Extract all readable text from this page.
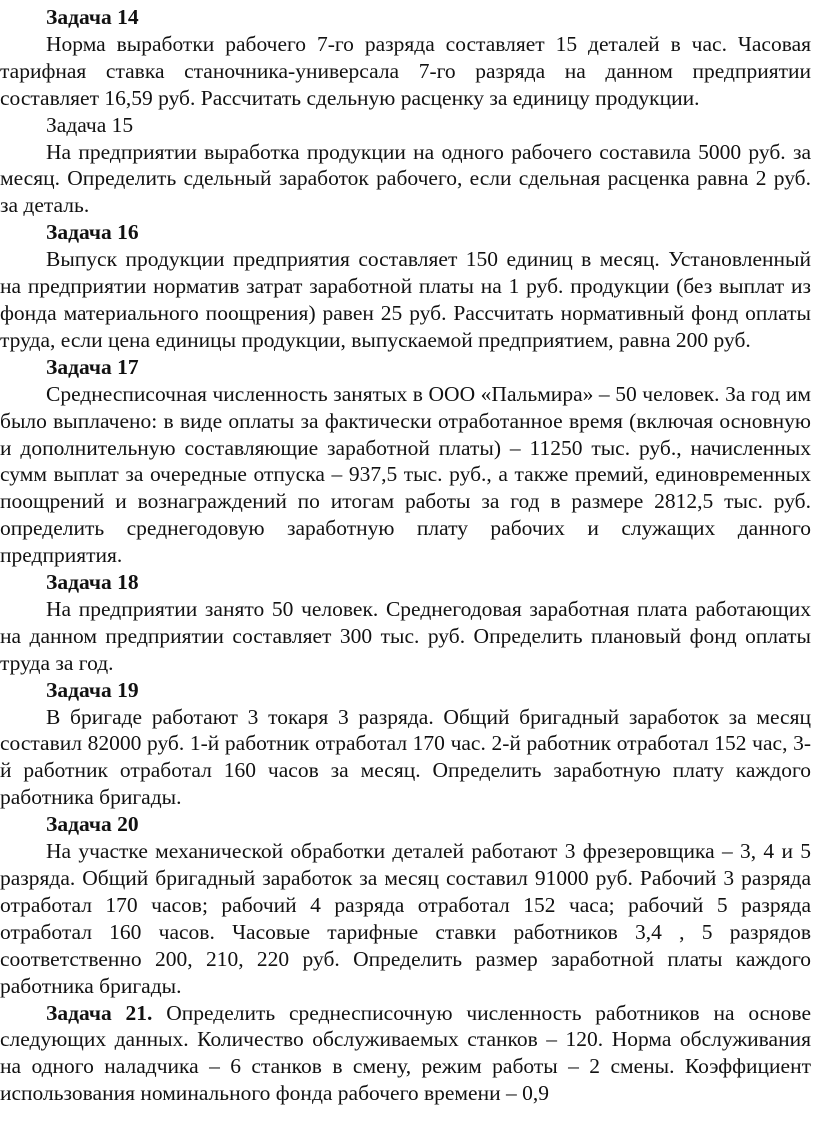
Задача 14

Норма выработки рабочего 7-го разряда составляет 15 деталей в час. Часовая тарифная ставка станочника-универсала 7-го разряда на данном предприятии составляет 16,59 руб. Рассчитать сдельную расценку за единицу продукции.

Задача 15

На предприятии выработка продукции на одного рабочего составила 5000 руб. за месяц. Определить сдельный заработок рабочего, если сдельная расценка равна 2 руб. за деталь.

Задача 16

Выпуск продукции предприятия составляет 150 единиц в месяц. Установленный на предприятии норматив затрат заработной платы на 1 руб. продукции (без выплат из фонда материального поощрения) равен 25 руб. Рассчитать нормативный фонд оплаты труда, если цена единицы продукции, выпускаемой предприятием, равна 200 руб.

Задача 17

Среднесписочная численность занятых в ООО «Пальмира» – 50 человек. За год им было выплачено: в виде оплаты за фактически отработанное время (включая основную и дополнительную составляющие заработной платы) – 11250 тыс. руб., начисленных сумм выплат за очередные отпуска – 937,5 тыс. руб., а также премий, единовременных поощрений и вознаграждений по итогам работы за год в размере 2812,5 тыс. руб. определить среднегодовую заработную плату рабочих и служащих данного предприятия.

Задача 18

На предприятии занято 50 человек. Среднегодовая заработная плата работающих на данном предприятии составляет 300 тыс. руб. Определить плановый фонд оплаты труда за год.

Задача 19

В бригаде работают 3 токаря 3 разряда. Общий бригадный заработок за месяц составил 82000 руб. 1-й работник отработал 170 час. 2-й работник отработал 152 час, 3-й работник отработал 160 часов за месяц. Определить заработную плату каждого работника бригады.

Задача 20

На участке механической обработки деталей работают 3 фрезеровщика – 3, 4 и 5 разряда. Общий бригадный заработок за месяц составил 91000 руб. Рабочий 3 разряда отработал 170 часов; рабочий 4 разряда отработал 152 часа; рабочий 5 разряда отработал 160 часов. Часовые тарифные ставки работников 3,4 , 5 разрядов соответственно 200, 210, 220 руб. Определить размер заработной платы каждого работника бригады.

Задача 21. Определить среднесписочную численность работников на основе следующих данных. Количество обслуживаемых станков – 120. Норма обслуживания на одного наладчика – 6 станков в смену, режим работы – 2 смены. Коэффициент использования номинального фонда рабочего времени – 0,9
